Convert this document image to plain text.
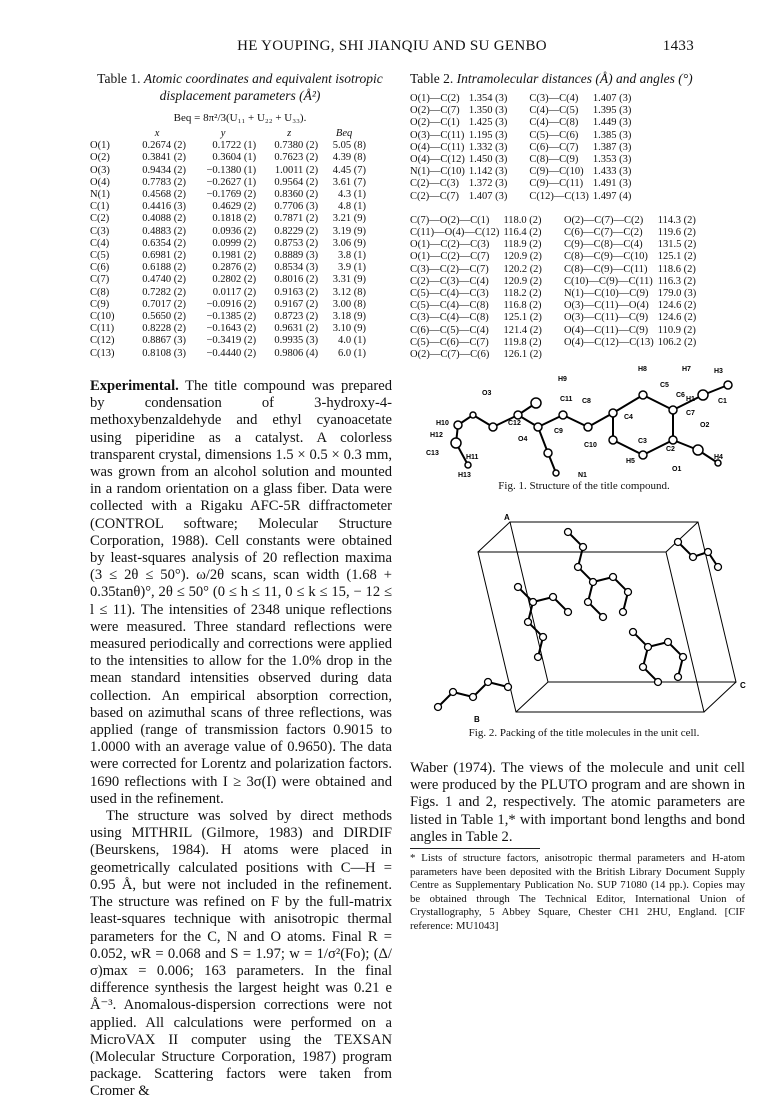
HE YOUPING, SHI JIANQIU AND SU GENBO	1433
Table 1. Atomic coordinates and equivalent isotropic displacement parameters (Å²)
Beq = 8π²/3(U₁₁ + U₂₂ + U₃₃).
	x	y	z	Beq
O(1)	0.2674 (2)	0.1722 (1)	0.7380 (2)	5.05 (8)
O(2)	0.3841 (2)	0.3604 (1)	0.7623 (2)	4.39 (8)
O(3)	0.9434 (2)	−0.1380 (1)	1.0011 (2)	4.45 (7)
O(4)	0.7783 (2)	−0.2627 (1)	0.9564 (2)	3.61 (7)
N(1)	0.4568 (2)	−0.1769 (2)	0.8360 (2)	4.3 (1)
C(1)	0.4416 (3)	0.4629 (2)	0.7706 (3)	4.8 (1)
C(2)	0.4088 (2)	0.1818 (2)	0.7871 (2)	3.21 (9)
C(3)	0.4883 (2)	0.0936 (2)	0.8229 (2)	3.19 (9)
C(4)	0.6354 (2)	0.0999 (2)	0.8753 (2)	3.06 (9)
C(5)	0.6981 (2)	0.1981 (2)	0.8889 (3)	3.8 (1)
C(6)	0.6188 (2)	0.2876 (2)	0.8534 (3)	3.9 (1)
C(7)	0.4740 (2)	0.2802 (2)	0.8016 (2)	3.31 (9)
C(8)	0.7282 (2)	0.0117 (2)	0.9163 (2)	3.12 (8)
C(9)	0.7017 (2)	−0.0916 (2)	0.9167 (2)	3.00 (8)
C(10)	0.5650 (2)	−0.1385 (2)	0.8723 (2)	3.18 (9)
C(11)	0.8228 (2)	−0.1643 (2)	0.9631 (2)	3.10 (9)
C(12)	0.8867 (3)	−0.3419 (2)	0.9935 (3)	4.0 (1)
C(13)	0.8108 (3)	−0.4440 (2)	0.9806 (4)	6.0 (1)
Table 2. Intramolecular distances (Å) and angles (°)
O(1)—C(2)	1.354 (3)	C(3)—C(4)	1.407 (3)
O(2)—C(7)	1.350 (3)	C(4)—C(5)	1.395 (3)
O(2)—C(1)	1.425 (3)	C(4)—C(8)	1.449 (3)
O(3)—C(11)	1.195 (3)	C(5)—C(6)	1.385 (3)
O(4)—C(11)	1.332 (3)	C(6)—C(7)	1.387 (3)
O(4)—C(12)	1.450 (3)	C(8)—C(9)	1.353 (3)
N(1)—C(10)	1.142 (3)	C(9)—C(10)	1.433 (3)
C(2)—C(3)	1.372 (3)	C(9)—C(11)	1.491 (3)
C(2)—C(7)	1.407 (3)	C(12)—C(13)	1.497 (4)
C(7)—O(2)—C(1)	118.0 (2)	O(2)—C(7)—C(2)	114.3 (2)
C(11)—O(4)—C(12)	116.4 (2)	C(6)—C(7)—C(2)	119.6 (2)
O(1)—C(2)—C(3)	118.9 (2)	C(9)—C(8)—C(4)	131.5 (2)
O(1)—C(2)—C(7)	120.9 (2)	C(8)—C(9)—C(10)	125.1 (2)
C(3)—C(2)—C(7)	120.2 (2)	C(8)—C(9)—C(11)	118.6 (2)
C(2)—C(3)—C(4)	120.9 (2)	C(10)—C(9)—C(11)	116.3 (2)
C(5)—C(4)—C(3)	118.2 (2)	N(1)—C(10)—C(9)	179.0 (3)
C(5)—C(4)—C(8)	116.8 (2)	O(3)—C(11)—O(4)	124.6 (2)
C(3)—C(4)—C(8)	125.1 (2)	O(3)—C(11)—C(9)	124.6 (2)
C(6)—C(5)—C(4)	121.4 (2)	O(4)—C(11)—C(9)	110.9 (2)
C(5)—C(6)—C(7)	119.8 (2)	O(4)—C(12)—C(13)	106.2 (2)
O(2)—C(7)—C(6)	126.1 (2)		

Experimental. The title compound was prepared by condensation of 3-hydroxy-4-methoxybenzaldehyde and ethyl cyanoacetate using piperidine as a catalyst. A colorless transparent crystal, dimensions 1.5 × 0.5 × 0.3 mm, was grown from an alcohol solution and mounted in a random orientation on a glass fiber. Data were collected with a Rigaku AFC-5R diffractometer (CONTROL software; Molecular Structure Corporation, 1988). Cell constants were obtained by least-squares analysis of 20 reflection maxima (3 ≤ 2θ ≤ 50°). ω/2θ scans, scan width (1.68 + 0.35tanθ)°, 2θ ≤ 50° (0 ≤ h ≤ 11, 0 ≤ k ≤ 15, − 12 ≤ l ≤ 11). The intensities of 2348 unique reflections were measured. Three standard reflections were measured periodically and corrections were applied to the intensities to allow for the 1.0% drop in the mean standard intensities observed during data collection. An empirical absorption correction, based on azimuthal scans of three reflections, was applied (range of transmission factors 0.9015 to 1.0000 with an average value of 0.9650). The data were corrected for Lorentz and polarization factors. 1690 reflections with I ≥ 3σ(I) were obtained and used in the refinement.

The structure was solved by direct methods using MITHRIL (Gilmore, 1983) and DIRDIF (Beurskens, 1984). H atoms were placed in geometrically calculated positions with C—H = 0.95 Å, but were not included in the refinement. The structure was refined on F by the full-matrix least-squares technique with anisotropic thermal parameters for the C, N and O atoms. Final R = 0.052, wR = 0.068 and S = 1.97; w = 1/σ²(Fo); (Δ/σ)max = 0.006; 163 parameters. In the final difference synthesis the largest height was 0.21 e Å⁻³. Anomalous-dispersion corrections were not applied. All calculations were performed on a MicroVAX II computer using the TEXSAN (Molecular Structure Corporation, 1987) program package. Scattering factors were taken from Cromer &

H8	H7	H3
H9
C5
O3	C6
H1	C1
C8
C11
C7
H10	C12
C4
O2
C9
H12
O4	C3
C10
C2
H4
C13
H11
H5
O1
H13	N1
Fig. 1. Structure of the title compound.
A
B
C
Fig. 2. Packing of the title molecules in the unit cell.
Waber (1974). The views of the molecule and unit cell were produced by the PLUTO program and are shown in Figs. 1 and 2, respectively. The atomic parameters are listed in Table 1,* with important bond lengths and bond angles in Table 2.
* Lists of structure factors, anisotropic thermal parameters and H-atom parameters have been deposited with the British Library Document Supply Centre as Supplementary Publication No. SUP 71080 (14 pp.). Copies may be obtained through The Technical Editor, International Union of Crystallography, 5 Abbey Square, Chester CH1 2HU, England. [CIF reference: MU1043]
